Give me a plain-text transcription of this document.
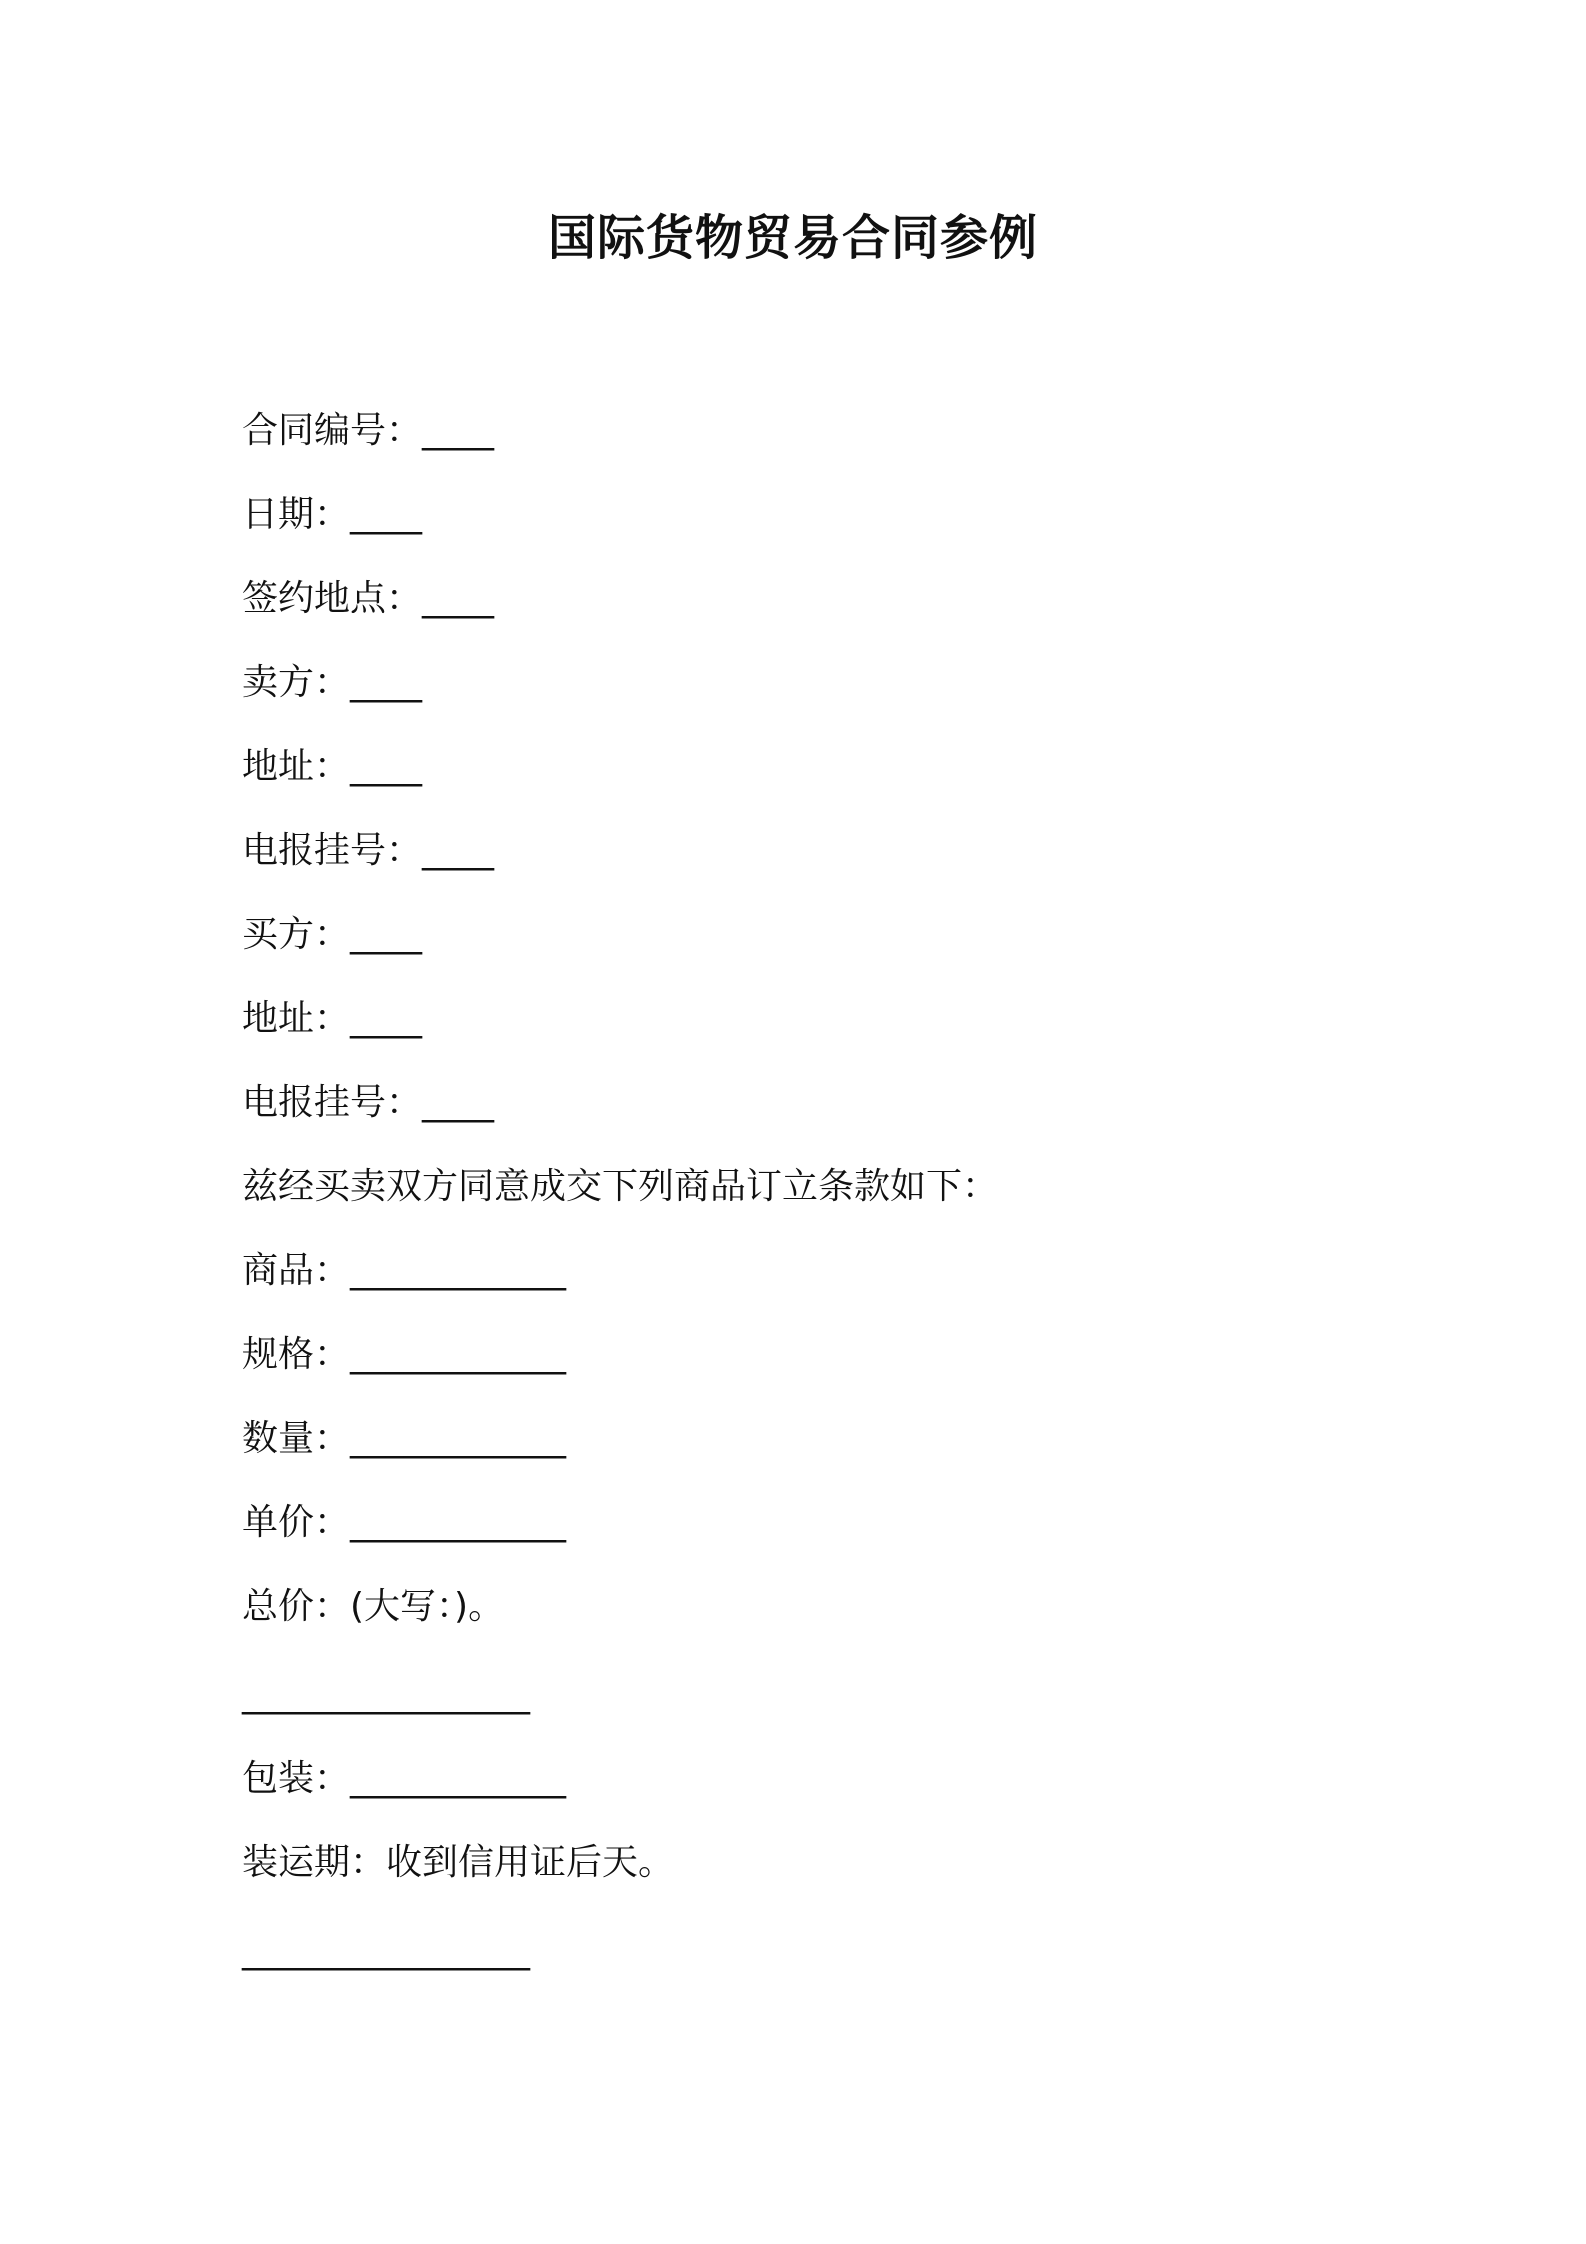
国际货物贸易合同参例
合同编号：____
日期：____
签约地点：____
卖方：____
地址：____
电报挂号：____
买方：____
地址：____
电报挂号：____
兹经买卖双方同意成交下列商品订立条款如下：
商品：____________
规格：____________
数量：____________
单价：____________
总价：(大写：)。
________________
包装：____________
装运期：收到信用证后天。
________________
